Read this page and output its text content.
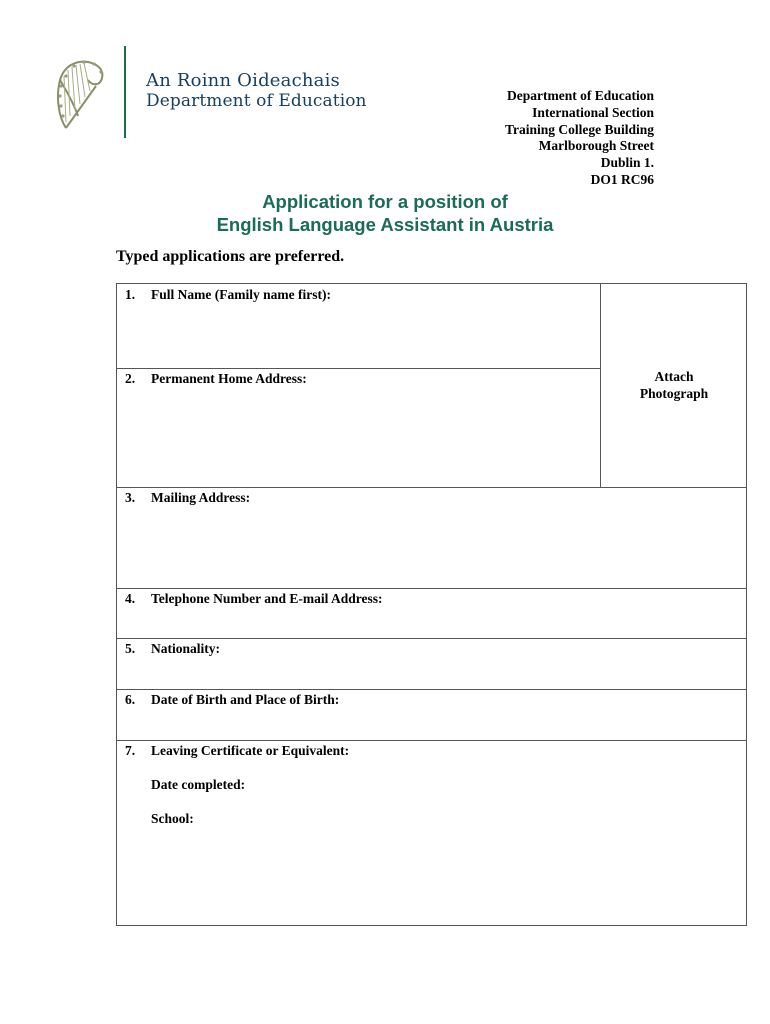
An Roinn Oideachais
Department of Education	Department of Education
International Section
Training College Building
Marlborough Street
Dublin 1.
DO1 RC96
Application for a position of
English Language Assistant in Austria
Typed applications are preferred.
1. Full Name (Family name first):
2. Permanent Home Address:	Attach
Photograph
3. Mailing Address:
4. Telephone Number and E-mail Address:
5. Nationality:
6. Date of Birth and Place of Birth:
7. Leaving Certificate or Equivalent:
Date completed:
School:
